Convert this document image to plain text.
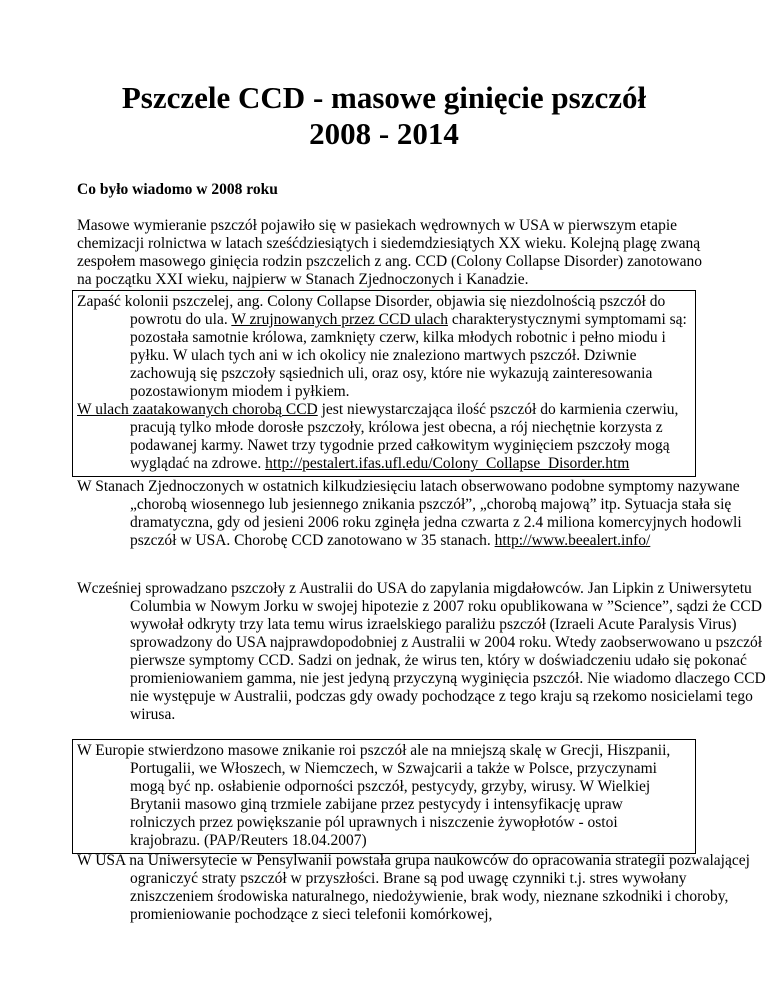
Pszczele CCD - masowe ginięcie pszczół
2008 - 2014

Co było wiadomo w 2008 roku

Masowe wymieranie pszczół pojawiło się w pasiekach wędrownych w USA w pierwszym etapie chemizacji rolnictwa w latach sześćdziesiątych i siedemdziesiątych XX wieku. Kolejną plagę zwaną zespołem masowego ginięcia rodzin pszczelich z ang. CCD (Colony Collapse Disorder) zanotowano na początku XXI wieku, najpierw w Stanach Zjednoczonych i Kanadzie.

Zapaść kolonii pszczelej, ang. Colony Collapse Disorder, objawia się niezdolnością pszczół do powrotu do ula. W zrujnowanych przez CCD ulach charakterystycznymi symptomami są: pozostała samotnie królowa, zamknięty czerw, kilka młodych robotnic i pełno miodu i pyłku. W ulach tych ani w ich okolicy nie znaleziono martwych pszczół. Dziwnie zachowują się pszczoły sąsiednich uli, oraz osy, które nie wykazują zainteresowania pozostawionym miodem i pyłkiem.

W ulach zaatakowanych chorobą CCD jest niewystarczająca ilość pszczół do karmienia czerwiu, pracują tylko młode dorosłe pszczoły, królowa jest obecna, a rój niechętnie korzysta z podawanej karmy. Nawet trzy tygodnie przed całkowitym wyginięciem pszczoły mogą wyglądać na zdrowe. http://pestalert.ifas.ufl.edu/Colony_Collapse_Disorder.htm

W Stanach Zjednoczonych w ostatnich kilkudziesięciu latach obserwowano podobne symptomy nazywane „chorobą wiosennego lub jesiennego znikania pszczół”, „chorobą majową” itp. Sytuacja stała się dramatyczna, gdy od jesieni 2006 roku zginęła jedna czwarta z 2.4 miliona komercyjnych hodowli pszczół w USA. Chorobę CCD zanotowano w 35 stanach. http://www.beealert.info/

Wcześniej sprowadzano pszczoły z Australii do USA do zapylania migdałowców. Jan Lipkin z Uniwersytetu Columbia w Nowym Jorku w swojej hipotezie z 2007 roku opublikowana w ”Science”, sądzi że CCD wywołał odkryty trzy lata temu wirus izraelskiego paraliżu pszczół (Izraeli Acute Paralysis Virus) sprowadzony do USA najprawdopodobniej z Australii w 2004 roku. Wtedy zaobserwowano u pszczół pierwsze symptomy CCD. Sadzi on jednak, że wirus ten, który w doświadczeniu udało się pokonać promieniowaniem gamma, nie jest jedyną przyczyną wyginięcia pszczół. Nie wiadomo dlaczego CCD nie występuje w Australii, podczas gdy owady pochodzące z tego kraju są rzekomo nosicielami tego wirusa.

W Europie stwierdzono masowe znikanie roi pszczół ale na mniejszą skalę w Grecji, Hiszpanii, Portugalii, we Włoszech, w Niemczech, w Szwajcarii a także w Polsce, przyczynami mogą być np. osłabienie odporności pszczół, pestycydy, grzyby, wirusy. W Wielkiej Brytanii masowo giną trzmiele zabijane przez pestycydy i intensyfikację upraw rolniczych przez powiększanie pól uprawnych i niszczenie żywopłotów - ostoi krajobrazu. (PAP/Reuters 18.04.2007)

W USA na Uniwersytecie w Pensylwanii powstała grupa naukowców do opracowania strategii pozwalającej ograniczyć straty pszczół w przyszłości. Brane są pod uwagę czynniki t.j. stres wywołany zniszczeniem środowiska naturalnego, niedożywienie, brak wody, nieznane szkodniki i choroby, promieniowanie pochodzące z sieci telefonii komórkowej,
